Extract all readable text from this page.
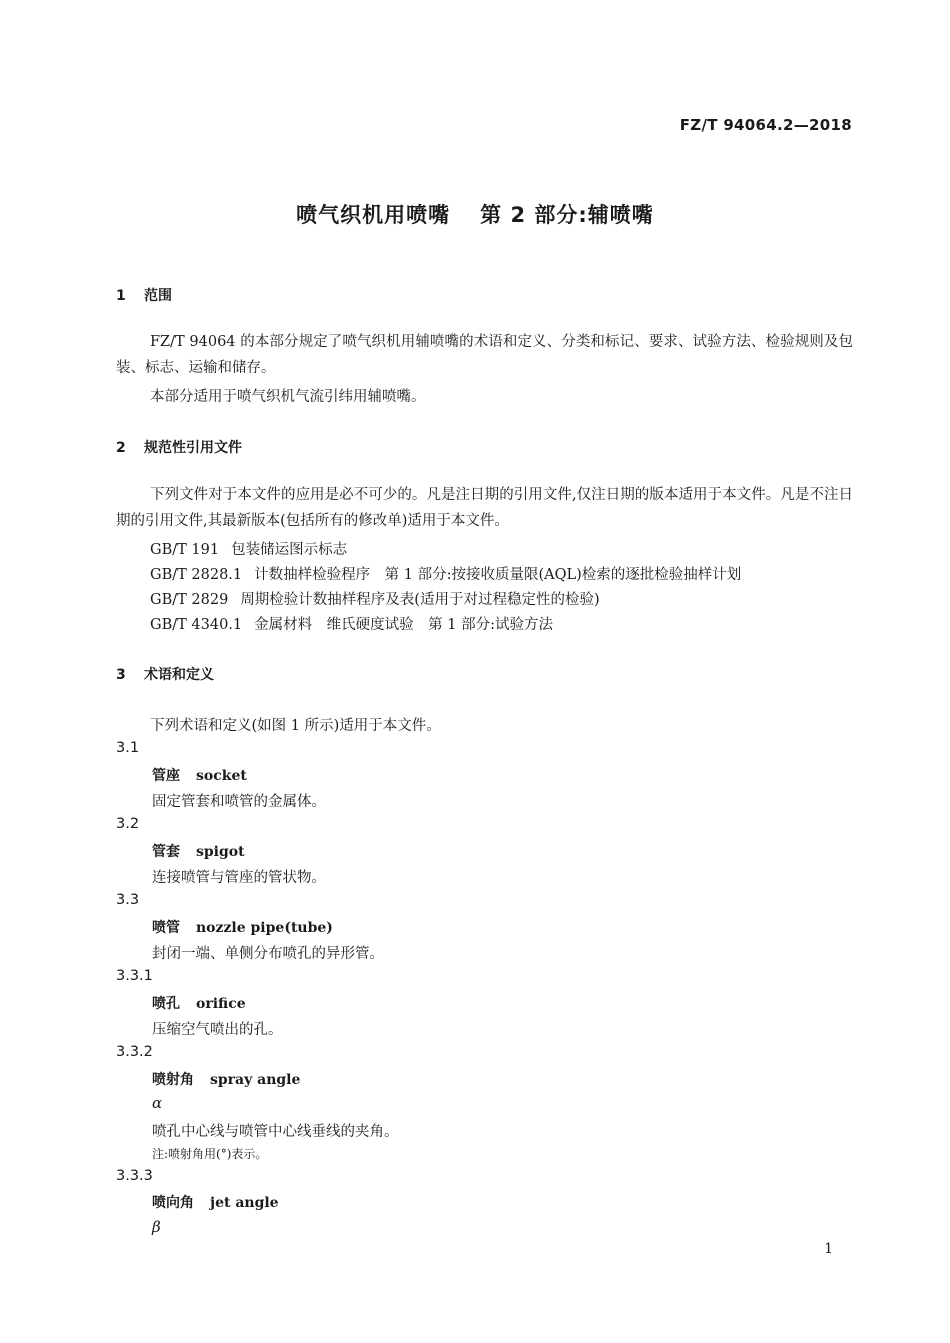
FZ/T 94064.2—2018
喷气织机用喷嘴 第 2 部分:辅喷嘴
1 范围
FZ/T 94064 的本部分规定了喷气织机用辅喷嘴的术语和定义、分类和标记、要求、试验方法、检验规则及包装、标志、运输和储存。
本部分适用于喷气织机气流引纬用辅喷嘴。
2 规范性引用文件
下列文件对于本文件的应用是必不可少的。凡是注日期的引用文件,仅注日期的版本适用于本文件。凡是不注日期的引用文件,其最新版本(包括所有的修改单)适用于本文件。
GB/T 191 包装储运图示标志
GB/T 2828.1 计数抽样检验程序　第 1 部分:按接收质量限(AQL)检索的逐批检验抽样计划
GB/T 2829 周期检验计数抽样程序及表(适用于对过程稳定性的检验)
GB/T 4340.1 金属材料　维氏硬度试验　第 1 部分:试验方法
3 术语和定义
下列术语和定义(如图 1 所示)适用于本文件。
3.1
管座 socket
固定管套和喷管的金属体。
3.2
管套 spigot
连接喷管与管座的管状物。
3.3
喷管 nozzle pipe(tube)
封闭一端、单侧分布喷孔的异形管。
3.3.1
喷孔 orifice
压缩空气喷出的孔。
3.3.2
喷射角 spray angle
α
喷孔中心线与喷管中心线垂线的夹角。
注:喷射角用(°)表示。
3.3.3
喷向角 jet angle
β
1
